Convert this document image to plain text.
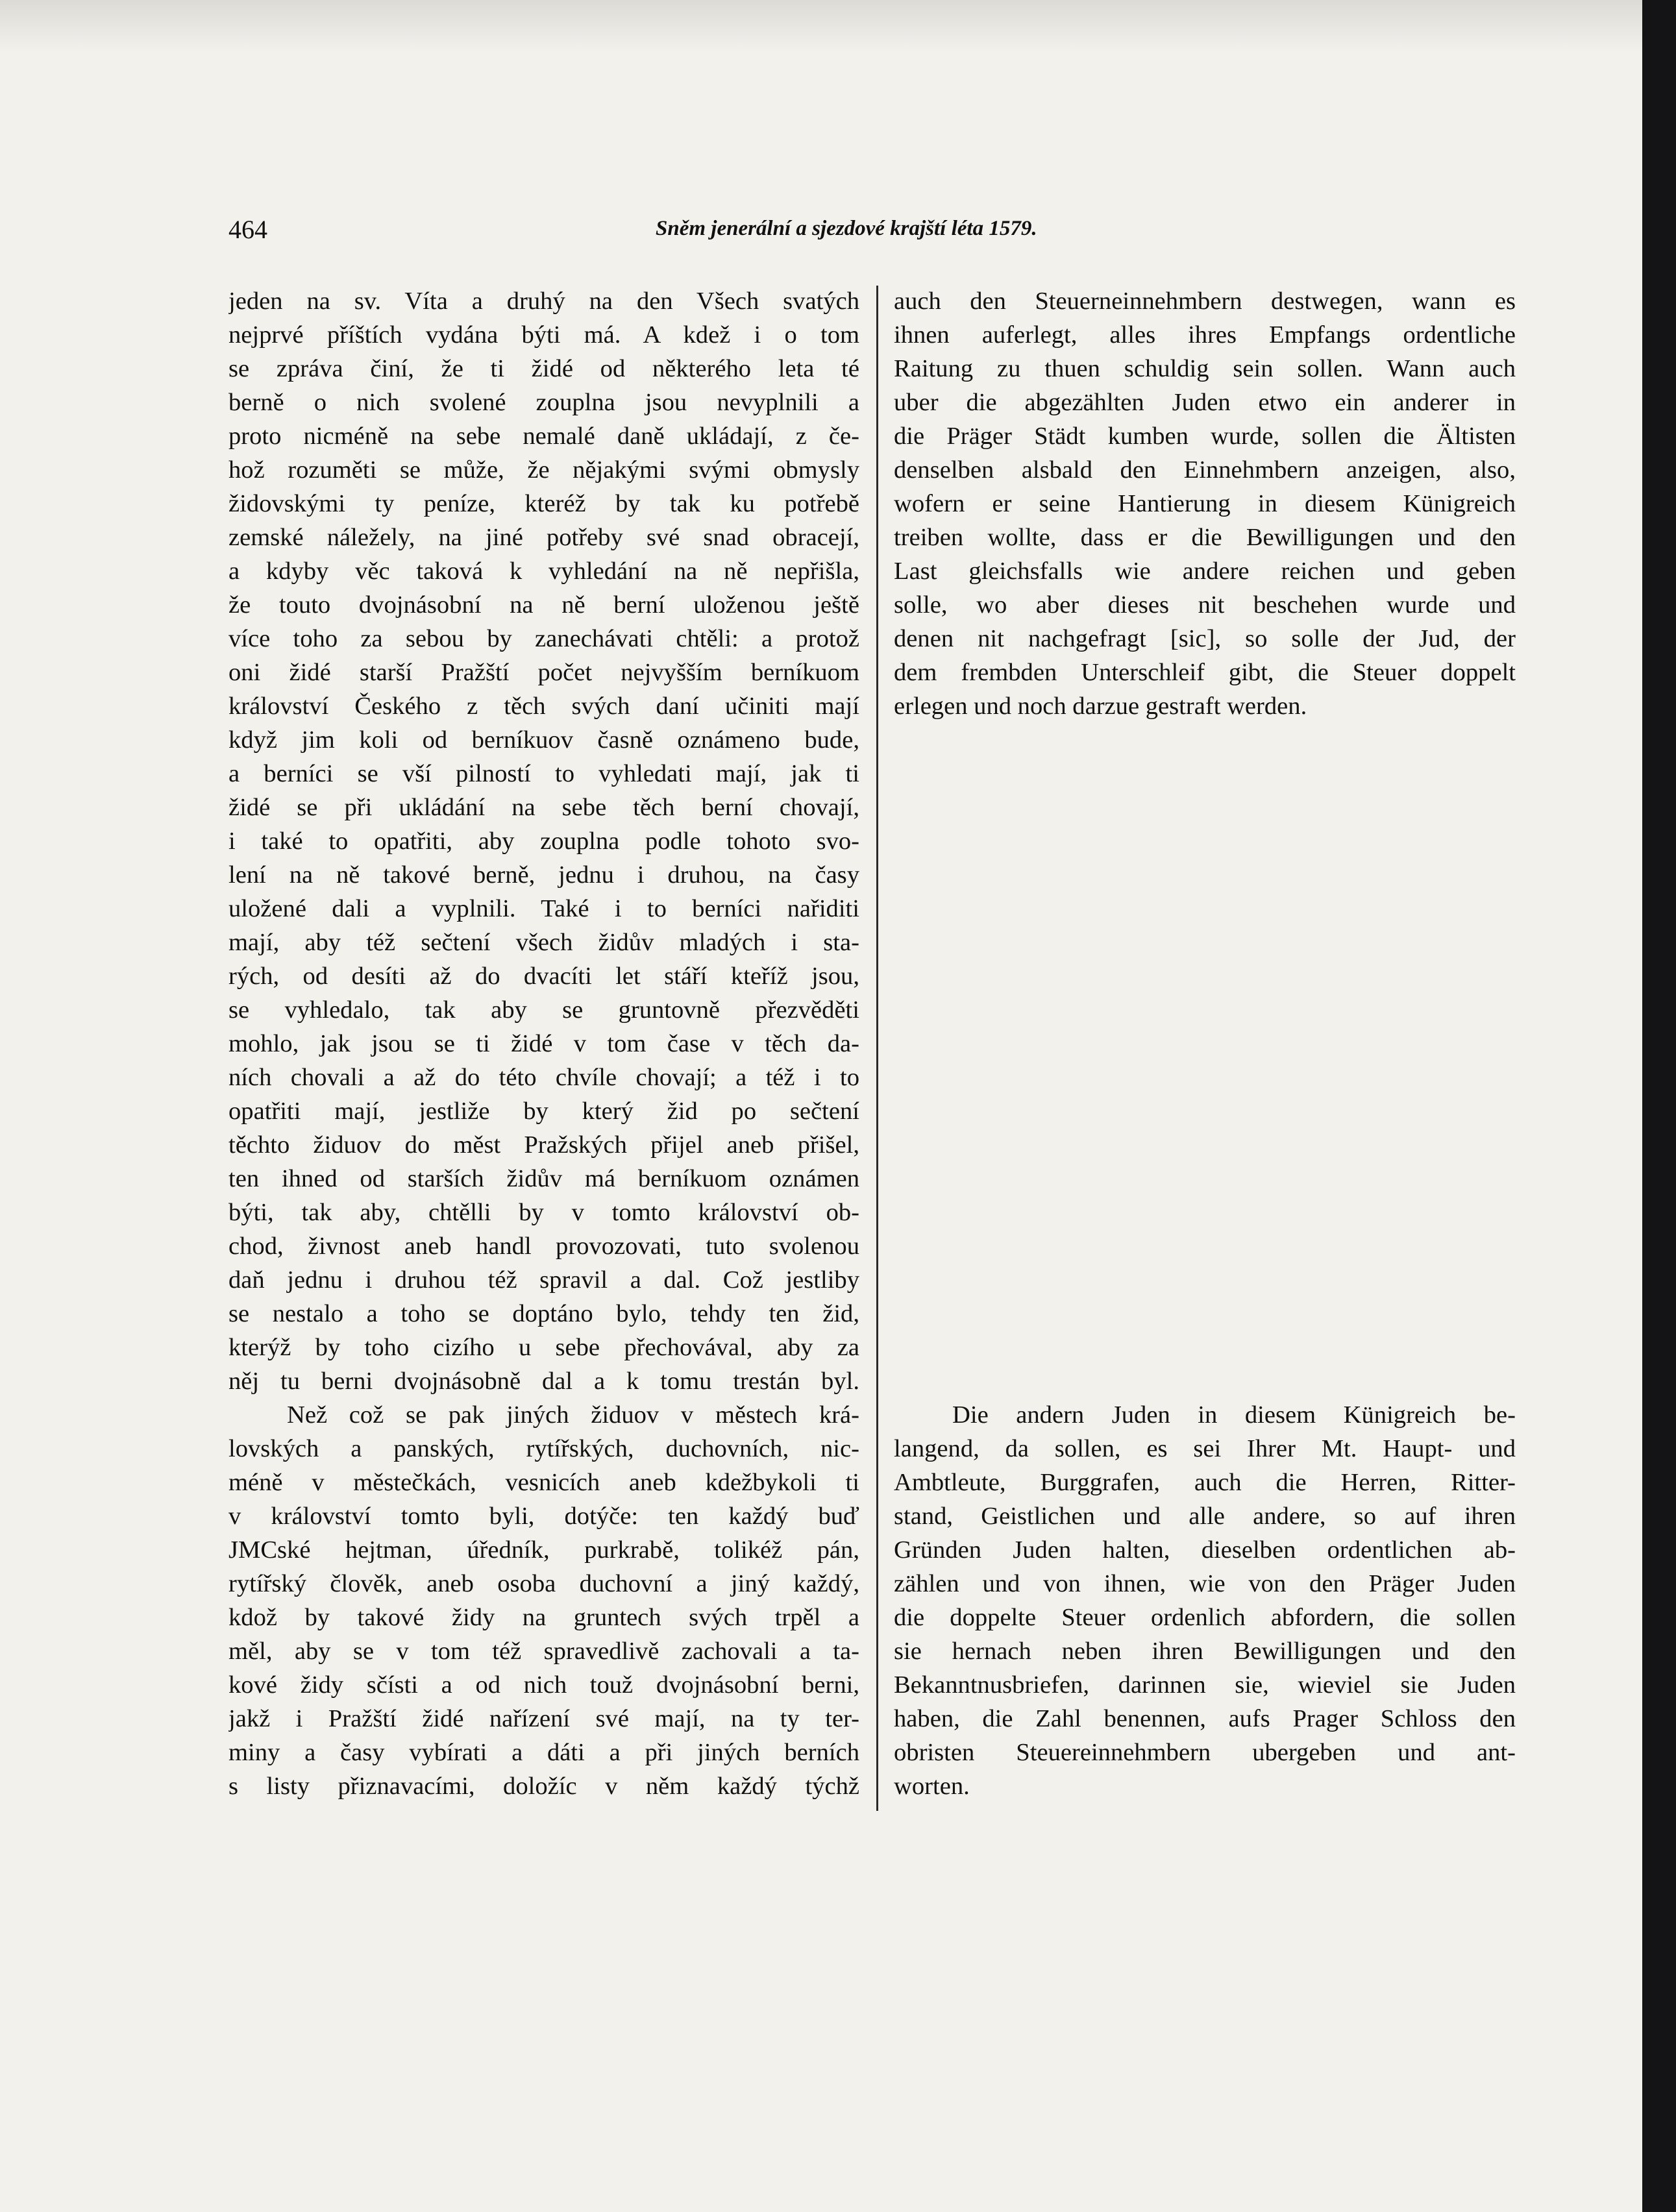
464	Sněm jenerální a sjezdové krajští léta 1579.
jeden na sv. Víta a druhý na den Všech svatých
nejprvé příštích vydána býti má. A kdež i o tom
se zpráva činí, že ti židé od některého leta té
berně o nich svolené zouplna jsou nevyplnili a
proto nicméně na sebe nemalé daně ukládají, z če-
hož rozuměti se může, že nějakými svými obmysly
židovskými ty peníze, kteréž by tak ku potřebě
zemské náležely, na jiné potřeby své snad obracejí,
a kdyby věc taková k vyhledání na ně nepřišla,
že touto dvojnásobní na ně berní uloženou ještě
více toho za sebou by zanechávati chtěli: a protož
oni židé starší Pražští počet nejvyšším berníkuom
království Českého z těch svých daní učiniti mají
když jim koli od berníkuov časně oznámeno bude,
a berníci se vší pilností to vyhledati mají, jak ti
židé se při ukládání na sebe těch berní chovají,
i také to opatřiti, aby zouplna podle tohoto svo-
lení na ně takové berně, jednu i druhou, na časy
uložené dali a vyplnili. Také i to berníci nařiditi
mají, aby též sečtení všech židův mladých i sta-
rých, od desíti až do dvacíti let stáří kteříž jsou,
se vyhledalo, tak aby se gruntovně přezvěděti
mohlo, jak jsou se ti židé v tom čase v těch da-
ních chovali a až do této chvíle chovají; a též i to
opatřiti mají, jestliže by který žid po sečtení
těchto židuov do měst Pražských přijel aneb přišel,
ten ihned od starších židův má berníkuom oznámen
býti, tak aby, chtělli by v tomto království ob-
chod, živnost aneb handl provozovati, tuto svolenou
daň jednu i druhou též spravil a dal. Což jestliby
se nestalo a toho se doptáno bylo, tehdy ten žid,
kterýž by toho cizího u sebe přechovával, aby za
něj tu berni dvojnásobně dal a k tomu trestán byl.
Než což se pak jiných židuov v městech krá-
lovských a panských, rytířských, duchovních, nic-
méně v městečkách, vesnicích aneb kdežbykoli ti
v království tomto byli, dotýče: ten každý buď
JMCské hejtman, úředník, purkrabě, tolikéž pán,
rytířský člověk, aneb osoba duchovní a jiný každý,
kdož by takové židy na gruntech svých trpěl a
měl, aby se v tom též spravedlivě zachovali a ta-
kové židy sčísti a od nich touž dvojnásobní berni,
jakž i Pražští židé nařízení své mají, na ty ter-
miny a časy vybírati a dáti a při jiných berních
s listy přiznavacími, doložíc v něm každý týchž
auch den Steuerneinnehmbern destwegen, wann es
ihnen auferlegt, alles ihres Empfangs ordentliche
Raitung zu thuen schuldig sein sollen. Wann auch
uber die abgezählten Juden etwo ein anderer in
die Präger Städt kumben wurde, sollen die Ältisten
denselben alsbald den Einnehmbern anzeigen, also,
wofern er seine Hantierung in diesem Künigreich
treiben wollte, dass er die Bewilligungen und den
Last gleichsfalls wie andere reichen und geben
solle, wo aber dieses nit beschehen wurde und
denen nit nachgefragt [sic], so solle der Jud, der
dem frembden Unterschleif gibt, die Steuer doppelt
erlegen und noch darzue gestraft werden.
Die andern Juden in diesem Künigreich be-
langend, da sollen, es sei Ihrer Mt. Haupt- und
Ambtleute, Burggrafen, auch die Herren, Ritter-
stand, Geistlichen und alle andere, so auf ihren
Gründen Juden halten, dieselben ordentlichen ab-
zählen und von ihnen, wie von den Präger Juden
die doppelte Steuer ordenlich abfordern, die sollen
sie hernach neben ihren Bewilligungen und den
Bekanntnusbriefen, darinnen sie, wieviel sie Juden
haben, die Zahl benennen, aufs Prager Schloss den
obristen Steuereinnehmbern ubergeben und ant-
worten.
